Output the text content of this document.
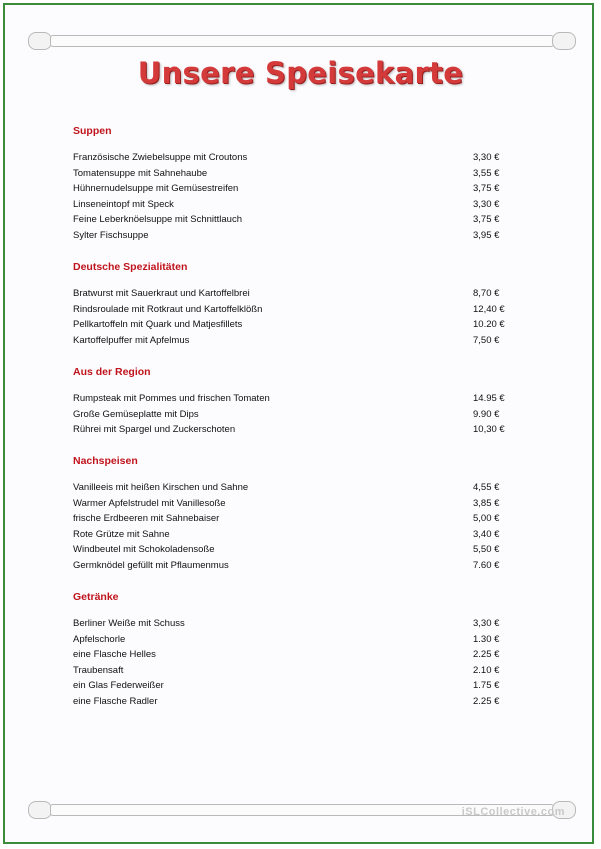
Unsere Speisekarte
Suppen
Französische Zwiebelsuppe mit Croutons	3,30 €
Tomatensuppe mit Sahnehaube	3,55 €
Hühnernudelsuppe mit Gemüsestreifen	3,75 €
Linseneintopf mit Speck	3,30 €
Feine Leberknöelsuppe mit Schnittlauch	3,75 €
Sylter Fischsuppe	3,95 €
Deutsche Spezialitäten
Bratwurst mit Sauerkraut und Kartoffelbrei	8,70 €
Rindsroulade mit Rotkraut und Kartoffelklößn	12,40 €
Pellkartoffeln mit Quark und Matjesfillets	10.20 €
Kartoffelpuffer mit Apfelmus	7,50 €
Aus der Region
Rumpsteak mit Pommes und frischen Tomaten	14.95 €
Große Gemüseplatte mit Dips	9.90 €
Rührei mit Spargel und Zuckerschoten	10,30 €
Nachspeisen
Vanilleeis mit heißen Kirschen und Sahne	4,55 €
Warmer Apfelstrudel mit Vanillesoße	3,85 €
frische Erdbeeren mit Sahnebaiser	5,00 €
Rote Grütze mit Sahne	3,40 €
Windbeutel mit Schokoladensoße	5,50 €
Germknödel gefüllt mit Pflaumenmus	7.60 €
Getränke
Berliner Weiße mit Schuss	3,30 €
Apfelschorle	1.30 €
eine Flasche Helles	2.25 €
Traubensaft	2.10 €
ein Glas Federweißer	1.75 €
eine Flasche Radler	2.25 €
iSLCollective.com
